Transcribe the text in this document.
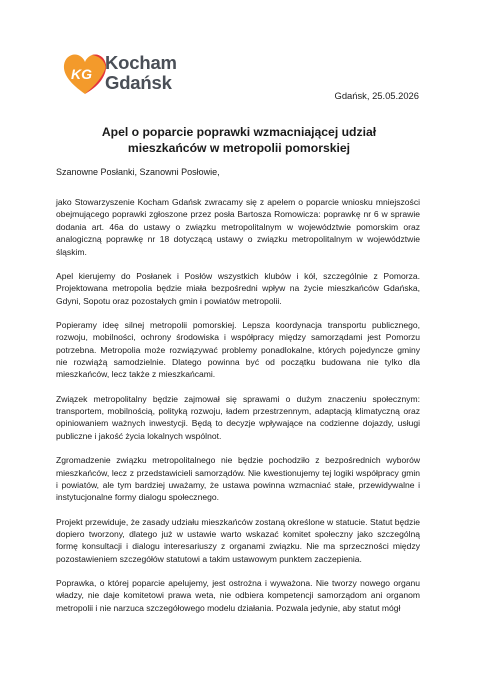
KG
Kocham
Gdańsk
Gdańsk, 25.05.2026
Apel o poparcie poprawki wzmacniającej udział mieszkańców w metropolii pomorskiej
Szanowne Posłanki, Szanowni Posłowie,

jako Stowarzyszenie Kocham Gdańsk zwracamy się z apelem o poparcie wniosku mniejszości obejmującego poprawki zgłoszone przez posła Bartosza Romowicza: poprawkę nr 6 w sprawie dodania art. 46a do ustawy o związku metropolitalnym w województwie pomorskim oraz analogiczną poprawkę nr 18 dotyczącą ustawy o związku metropolitalnym w województwie śląskim.

Apel kierujemy do Posłanek i Posłów wszystkich klubów i kół, szczególnie z Pomorza. Projektowana metropolia będzie miała bezpośredni wpływ na życie mieszkańców Gdańska, Gdyni, Sopotu oraz pozostałych gmin i powiatów metropolii.

Popieramy ideę silnej metropolii pomorskiej. Lepsza koordynacja transportu publicznego, rozwoju, mobilności, ochrony środowiska i współpracy między samorządami jest Pomorzu potrzebna. Metropolia może rozwiązywać problemy ponadlokalne, których pojedyncze gminy nie rozwiążą samodzielnie. Dlatego powinna być od początku budowana nie tylko dla mieszkańców, lecz także z mieszkańcami.

Związek metropolitalny będzie zajmował się sprawami o dużym znaczeniu społecznym: transportem, mobilnością, polityką rozwoju, ładem przestrzennym, adaptacją klimatyczną oraz opiniowaniem ważnych inwestycji. Będą to decyzje wpływające na codzienne dojazdy, usługi publiczne i jakość życia lokalnych wspólnot.

Zgromadzenie związku metropolitalnego nie będzie pochodziło z bezpośrednich wyborów mieszkańców, lecz z przedstawicieli samorządów. Nie kwestionujemy tej logiki współpracy gmin i powiatów, ale tym bardziej uważamy, że ustawa powinna wzmacniać stałe, przewidywalne i instytucjonalne formy dialogu społecznego.

Projekt przewiduje, że zasady udziału mieszkańców zostaną określone w statucie. Statut będzie dopiero tworzony, dlatego już w ustawie warto wskazać komitet społeczny jako szczególną formę konsultacji i dialogu interesariuszy z organami związku. Nie ma sprzeczności między pozostawieniem szczegółów statutowi a takim ustawowym punktem zaczepienia.

Poprawka, o której poparcie apelujemy, jest ostrożna i wyważona. Nie tworzy nowego organu władzy, nie daje komitetowi prawa weta, nie odbiera kompetencji samorządom ani organom metropolii i nie narzuca szczegółowego modelu działania. Pozwala jedynie, aby statut mógł
